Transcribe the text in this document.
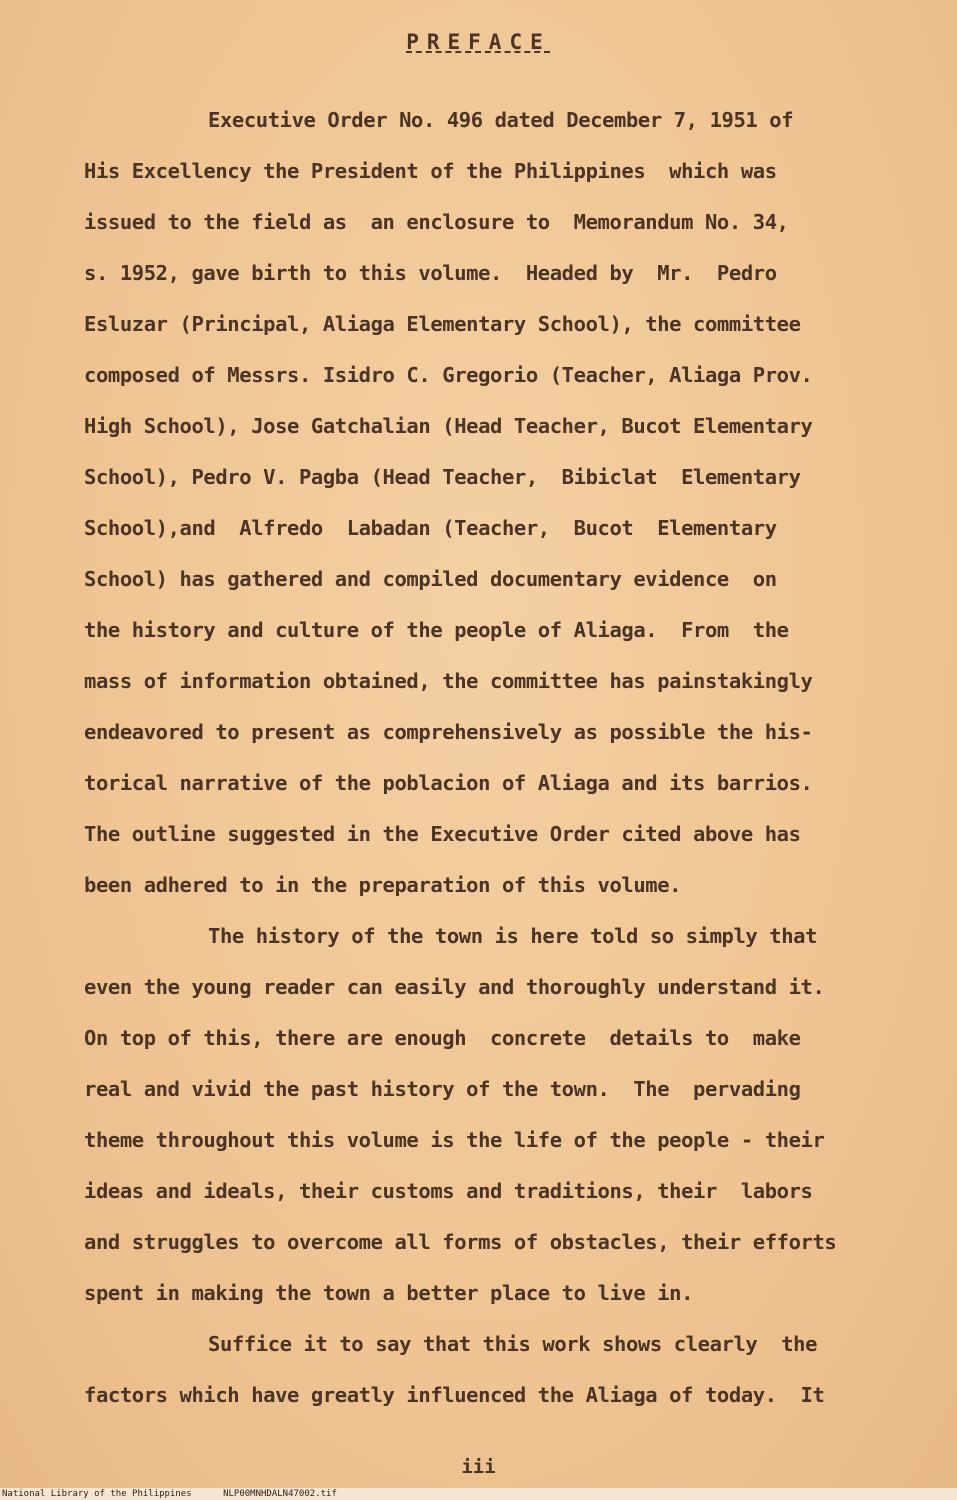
PREFACE
Executive Order No. 496 dated December 7, 1951 of
His Excellency the President of the Philippines  which was
issued to the field as  an enclosure to  Memorandum No. 34,
s. 1952, gave birth to this volume.  Headed by  Mr.  Pedro
Esluzar (Principal, Aliaga Elementary School), the committee
composed of Messrs. Isidro C. Gregorio (Teacher, Aliaga Prov.
High School), Jose Gatchalian (Head Teacher, Bucot Elementary
School), Pedro V. Pagba (Head Teacher,  Bibiclat  Elementary
School),and  Alfredo  Labadan (Teacher,  Bucot  Elementary
School) has gathered and compiled documentary evidence  on
the history and culture of the people of Aliaga.  From  the
mass of information obtained, the committee has painstakingly
endeavored to present as comprehensively as possible the his-
torical narrative of the poblacion of Aliaga and its barrios.
The outline suggested in the Executive Order cited above has
been adhered to in the preparation of this volume.
The history of the town is here told so simply that
even the young reader can easily and thoroughly understand it.
On top of this, there are enough  concrete  details to  make
real and vivid the past history of the town.  The  pervading
theme throughout this volume is the life of the people - their
ideas and ideals, their customs and traditions, their  labors
and struggles to overcome all forms of obstacles, their efforts
spent in making the town a better place to live in.
Suffice it to say that this work shows clearly  the
factors which have greatly influenced the Aliaga of today.  It
iii
National Library of the Philippines	NLP00MNHDALN47002.tif
